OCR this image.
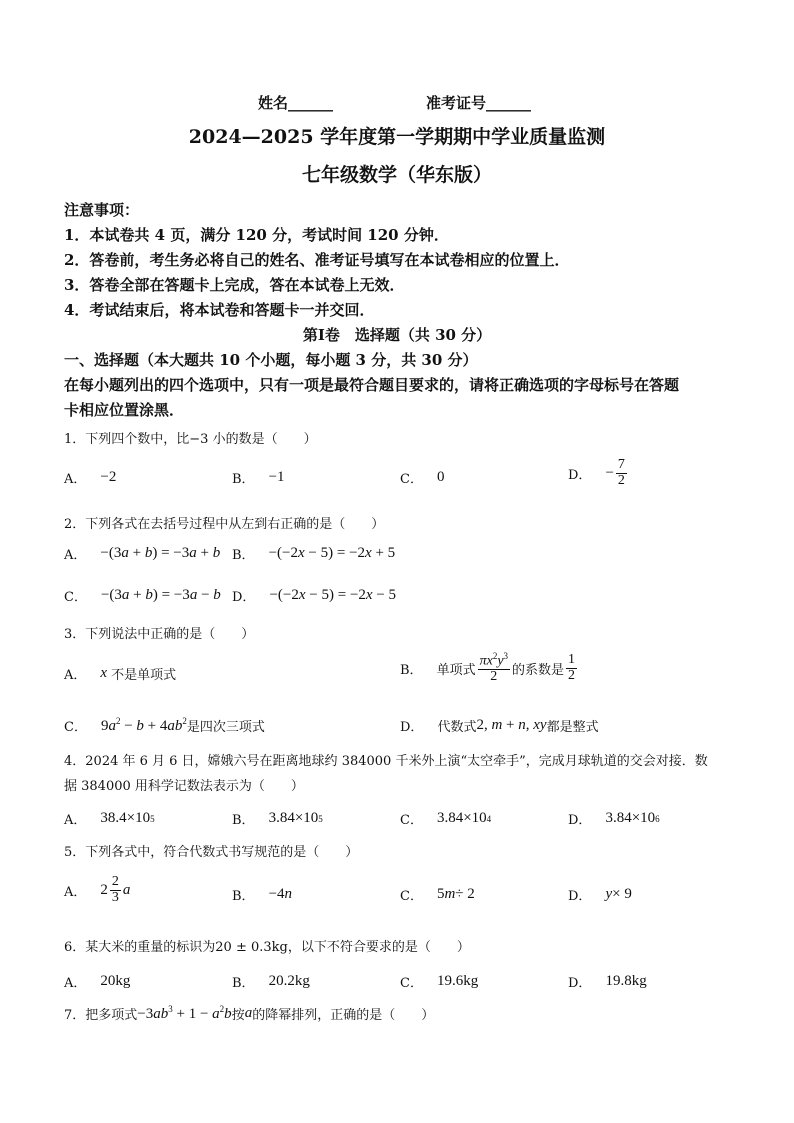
姓名______	准考证号______
2024—2025 学年度第一学期期中学业质量监测
七年级数学（华东版）
注意事项：
1．本试卷共 4 页，满分 120 分，考试时间 120 分钟．
2．答卷前，考生务必将自己的姓名、准考证号填写在本试卷相应的位置上．
3．答卷全部在答题卡上完成，答在本试卷上无效．
4．考试结束后，将本试卷和答题卡一并交回．
第Ⅰ卷　选择题（共 30 分）
一、选择题（本大题共 10 个小题，每小题 3 分，共 30 分）
在每小题列出的四个选项中，只有一项是最符合题目要求的，请将正确选项的字母标号在答题
卡相应位置涂黑．
1．下列四个数中，比−3 小的数是（　　）
A． −2	B． −1	C． 0	D． − $\frac{7}{2}$
2．下列各式在去括号过程中从左到右正确的是（　　）
A． −(3a + b) = −3a + b B． −(−2x − 5) = −2x + 5
C． −(3a + b) = −3a − b D． −(−2x − 5) = −2x − 5
3．下列说法中正确的是（　　）
A． x 不是单项式	B． 单项式 $\frac{\pi x^2y^3}{2}$ 的系数是 $\frac{1}{2}$
C． $9a^2 - b + 4ab^2$ 是四次三项式	D． 代数式 2, m + n, xy 都是整式
4．2024 年 6 月 6 日，嫦娥六号在距离地球约 384000 千米外上演“太空牵手”，完成月球轨道的交会对接．数
据 384000 用科学记数法表示为（　　）
A． 38.4×10 5	B． 3.84×10 5	C． 3.84×10 4	D． 3.84×10 6
5．下列各式中，符合代数式书写规范的是（　　）
A． $2 \frac{2}{3}$ a	B． −4 n	C． 5 m ÷ 2	D． y × 9
6．某大米的重量的标识为20 ± 0.3kg，以下不符合要求的是（　　）
A． 20kg	B． 20.2kg	C． 19.6kg	D． 19.8kg
7．把多项式 $-3ab^3 + 1 - a^2b$ 按 a 的降幂排列，正确的是（　　）
